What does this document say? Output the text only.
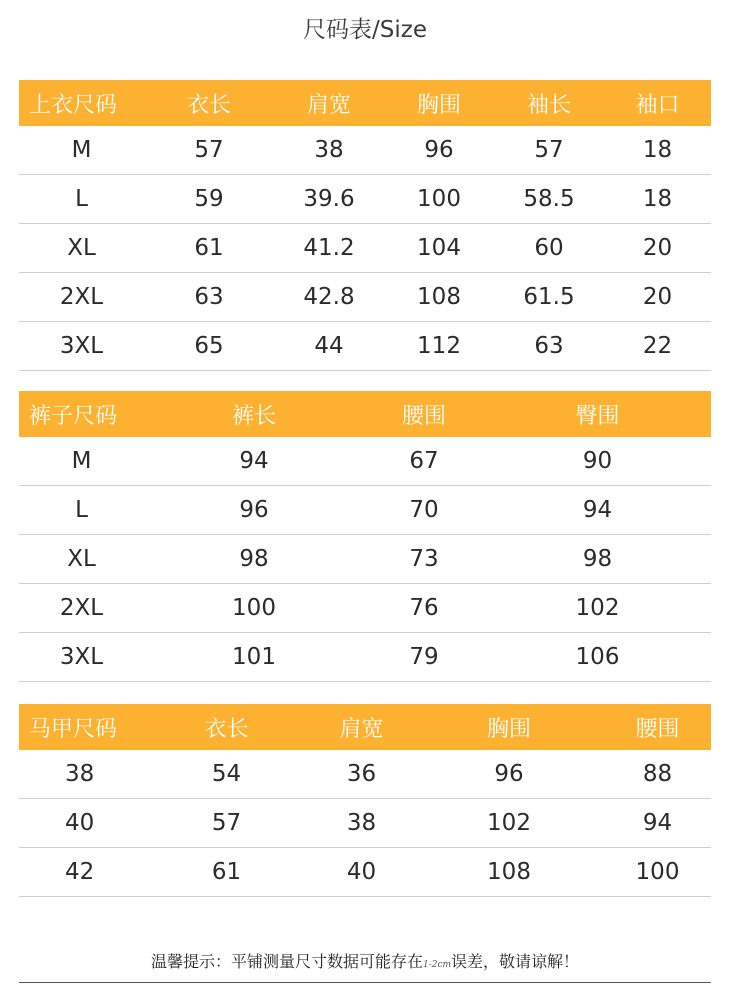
尺码表/Size
上衣尺码	衣长	肩宽	胸围	袖长	袖口
M	57	38	96	57	18
L	59	39.6	100	58.5	18
XL	61	41.2	104	60	20
2XL	63	42.8	108	61.5	20
3XL	65	44	112	63	22
裤子尺码	裤长	腰围	臀围
M	94	67	90
L	96	70	94
XL	98	73	98
2XL	100	76	102
3XL	101	79	106
马甲尺码	衣长	肩宽	胸围	腰围
38	54	36	96	88
40	57	38	102	94
42	61	40	108	100
温馨提示：平铺测量尺寸数据可能存在1-2cm误差，敬请谅解！
